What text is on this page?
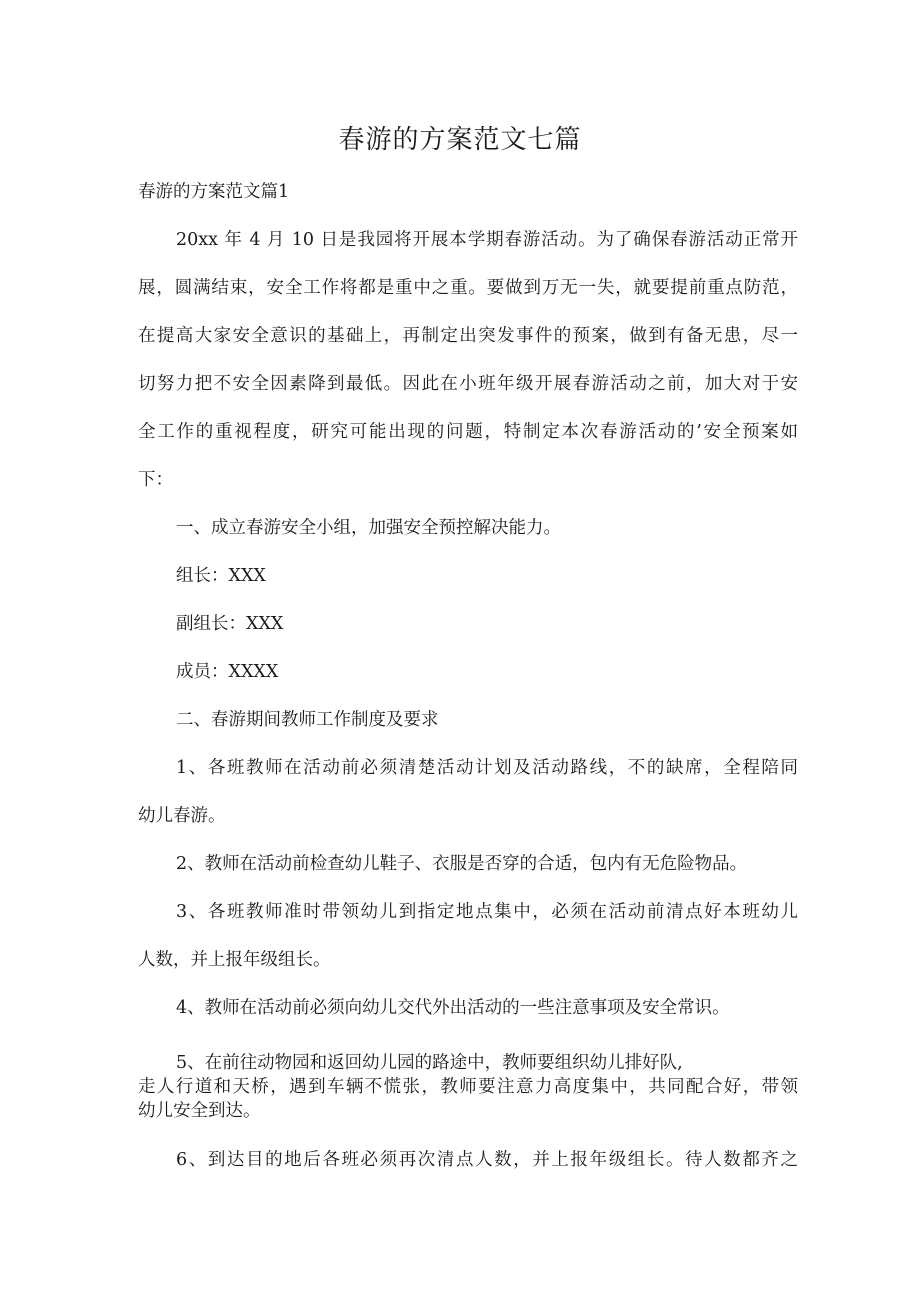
春游的方案范文七篇
春游的方案范文篇1
20xx 年 4 月 10 日是我园将开展本学期春游活动。为了确保春游活动正常开
展，圆满结束，安全工作将都是重中之重。要做到万无一失，就要提前重点防范，
在提高大家安全意识的基础上，再制定出突发事件的预案，做到有备无患，尽一
切努力把不安全因素降到最低。因此在小班年级开展春游活动之前，加大对于安
全工作的重视程度，研究可能出现的问题，特制定本次春游活动的’安全预案如
下：
一、成立春游安全小组，加强安全预控解决能力。
组长：XXX
副组长：XXX
成员：XXXX
二、春游期间教师工作制度及要求
1、各班教师在活动前必须清楚活动计划及活动路线，不的缺席，全程陪同
幼儿春游。
2、教师在活动前检查幼儿鞋子、衣服是否穿的合适，包内有无危险物品。
3、各班教师准时带领幼儿到指定地点集中，必须在活动前清点好本班幼儿
人数，并上报年级组长。
4、教师在活动前必须向幼儿交代外出活动的一些注意事项及安全常识。
5、在前往动物园和返回幼儿园的路途中，教师要组织幼儿排好队,
走人行道和天桥，遇到车辆不慌张，教师要注意力高度集中，共同配合好，带领
幼儿安全到达。
6、到达目的地后各班必须再次清点人数，并上报年级组长。待人数都齐之
